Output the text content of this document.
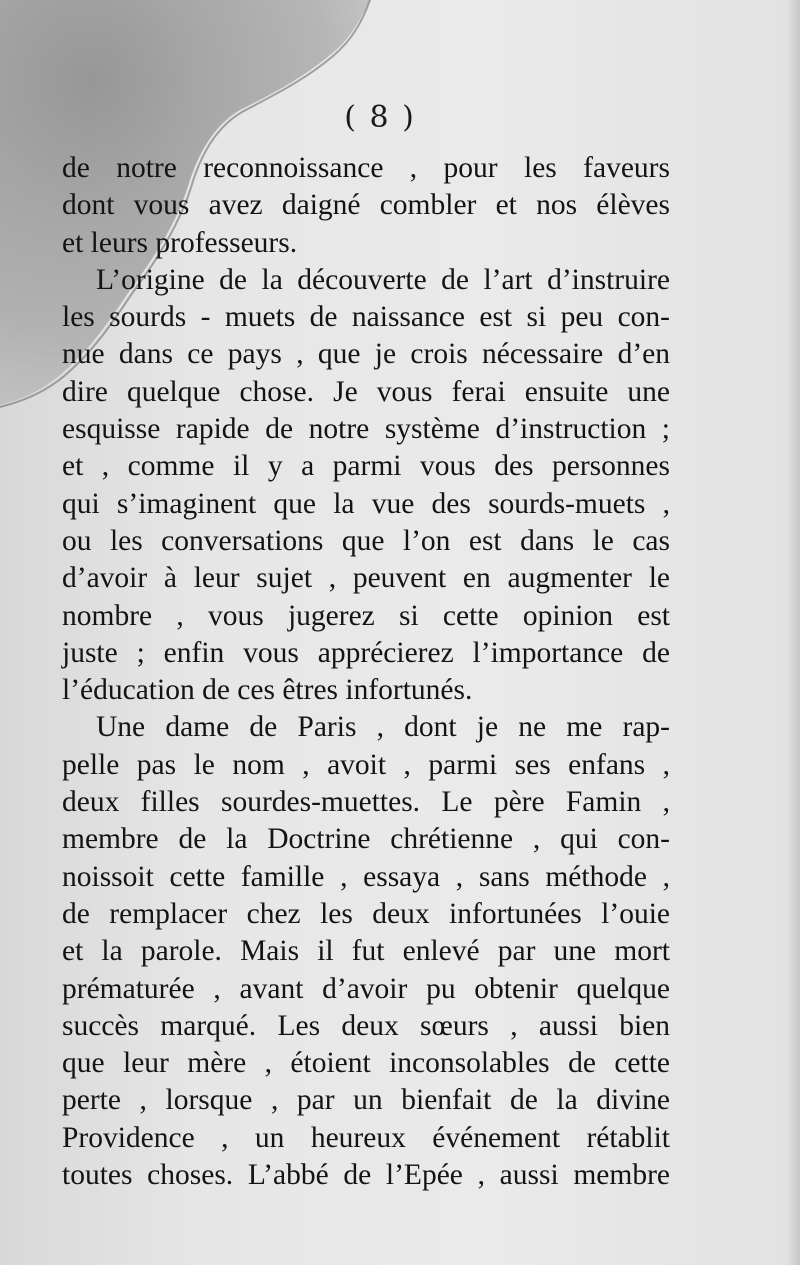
( 8 )
de notre reconnoissance , pour les faveurs
dont vous avez daigné combler et nos élèves
et leurs professeurs.
L’origine de la découverte de l’art d’instruire
les sourds - muets de naissance est si peu con-
nue dans ce pays , que je crois nécessaire d’en
dire quelque chose. Je vous ferai ensuite une
esquisse rapide de notre système d’instruction ;
et , comme il y a parmi vous des personnes
qui s’imaginent que la vue des sourds-muets ,
ou les conversations que l’on est dans le cas
d’avoir à leur sujet , peuvent en augmenter le
nombre , vous jugerez si cette opinion est
juste ; enfin vous apprécierez l’importance de
l’éducation de ces êtres infortunés.
Une dame de Paris , dont je ne me rap-
pelle pas le nom , avoit , parmi ses enfans ,
deux filles sourdes-muettes. Le père Famin ,
membre de la Doctrine chrétienne , qui con-
noissoit cette famille , essaya , sans méthode ,
de remplacer chez les deux infortunées l’ouie
et la parole. Mais il fut enlevé par une mort
prématurée , avant d’avoir pu obtenir quelque
succès marqué. Les deux sœurs , aussi bien
que leur mère , étoient inconsolables de cette
perte , lorsque , par un bienfait de la divine
Providence , un heureux événement rétablit
toutes choses. L’abbé de l’Epée , aussi membre
